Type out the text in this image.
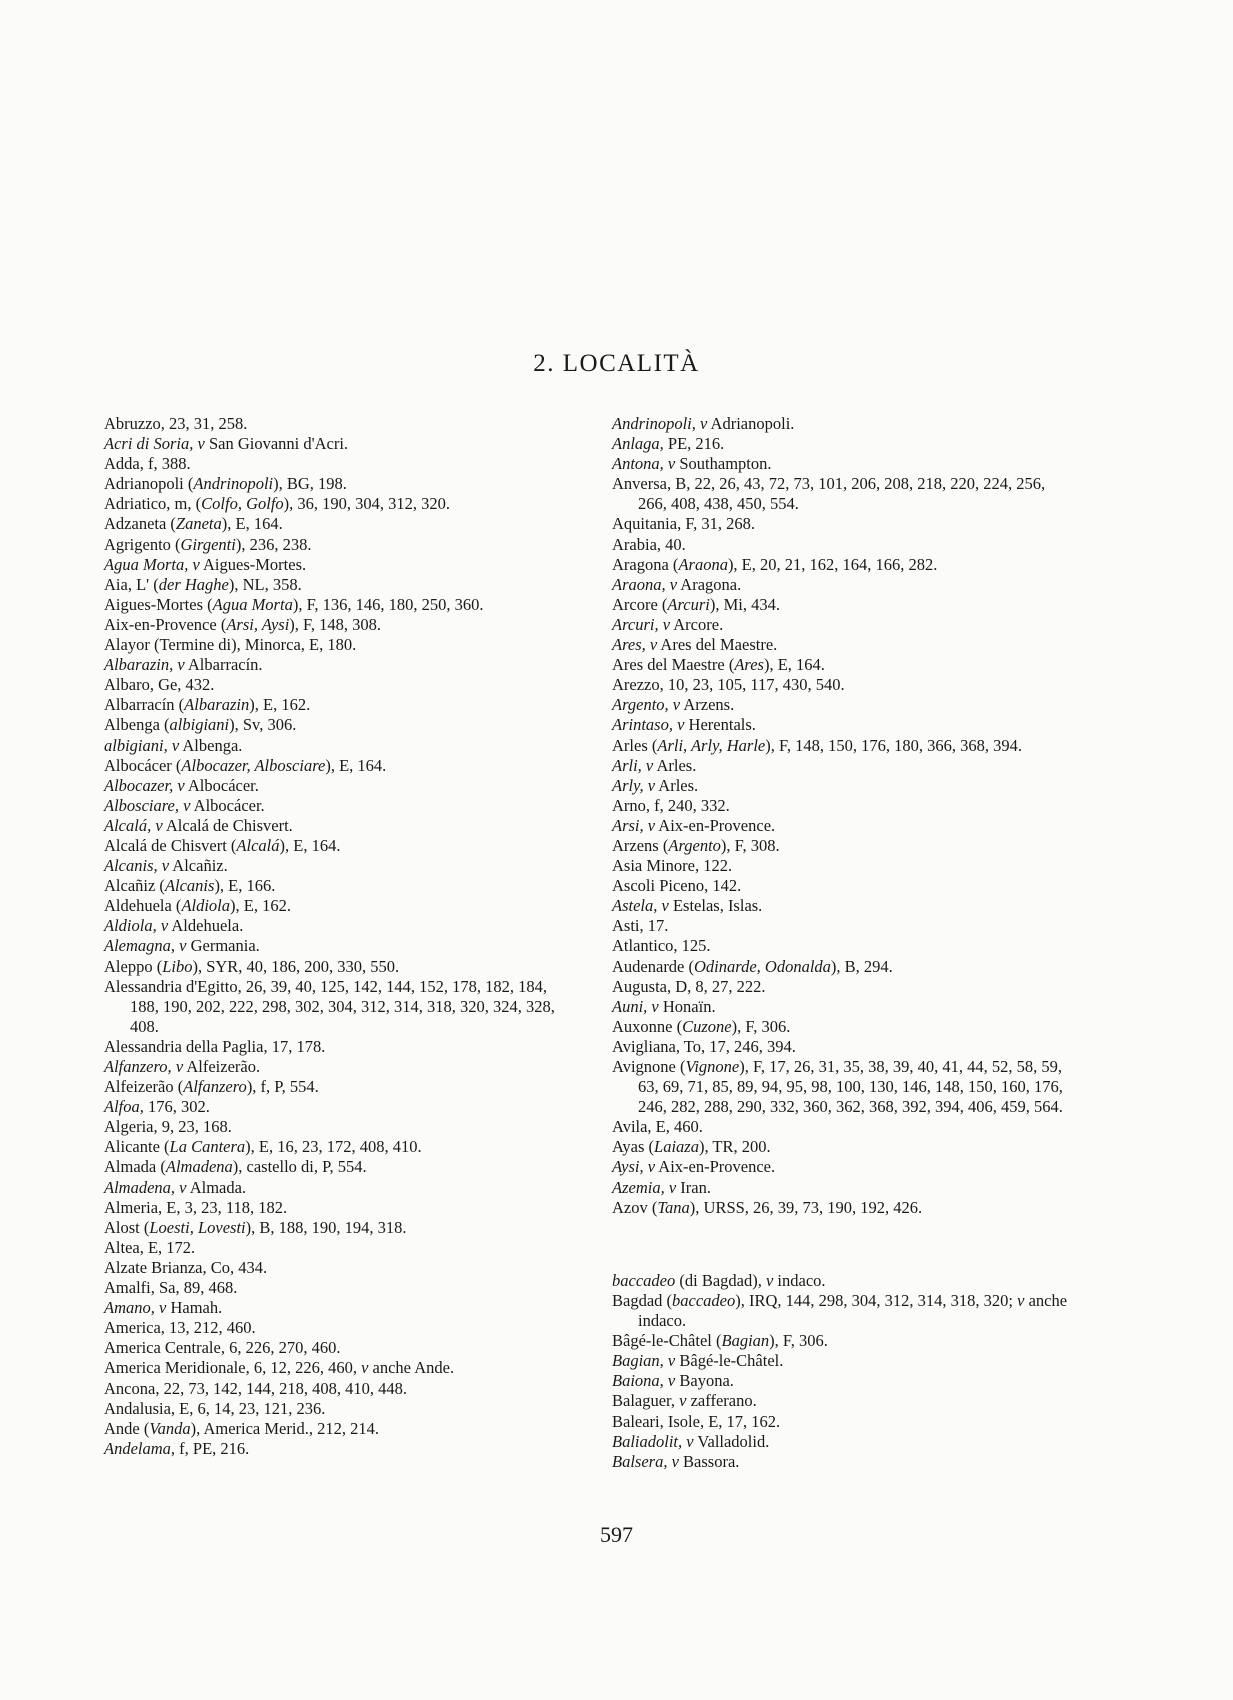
2. LOCALITÀ

Abruzzo, 23, 31, 258.

Acri di Soria, v San Giovanni d'Acri.

Adda, f, 388.

Adrianopoli (Andrinopoli), BG, 198.

Adriatico, m, (Colfo, Golfo), 36, 190, 304, 312, 320.

Adzaneta (Zaneta), E, 164.

Agrigento (Girgenti), 236, 238.

Agua Morta, v Aigues-Mortes.

Aia, L' (der Haghe), NL, 358.

Aigues-Mortes (Agua Morta), F, 136, 146, 180, 250, 360.

Aix-en-Provence (Arsi, Aysi), F, 148, 308.

Alayor (Termine di), Minorca, E, 180.

Albarazin, v Albarracín.

Albaro, Ge, 432.

Albarracín (Albarazin), E, 162.

Albenga (albigiani), Sv, 306.

albigiani, v Albenga.

Albocácer (Albocazer, Albosciare), E, 164.

Albocazer, v Albocácer.

Albosciare, v Albocácer.

Alcalá, v Alcalá de Chisvert.

Alcalá de Chisvert (Alcalá), E, 164.

Alcanis, v Alcañiz.

Alcañiz (Alcanis), E, 166.

Aldehuela (Aldiola), E, 162.

Aldiola, v Aldehuela.

Alemagna, v Germania.

Aleppo (Libo), SYR, 40, 186, 200, 330, 550.

Alessandria d'Egitto, 26, 39, 40, 125, 142, 144, 152, 178, 182, 184, 188, 190, 202, 222, 298, 302, 304, 312, 314, 318, 320, 324, 328, 408.

Alessandria della Paglia, 17, 178.

Alfanzero, v Alfeizerão.

Alfeizerão (Alfanzero), f, P, 554.

Alfoa, 176, 302.

Algeria, 9, 23, 168.

Alicante (La Cantera), E, 16, 23, 172, 408, 410.

Almada (Almadena), castello di, P, 554.

Almadena, v Almada.

Almeria, E, 3, 23, 118, 182.

Alost (Loesti, Lovesti), B, 188, 190, 194, 318.

Altea, E, 172.

Alzate Brianza, Co, 434.

Amalfi, Sa, 89, 468.

Amano, v Hamah.

America, 13, 212, 460.

America Centrale, 6, 226, 270, 460.

America Meridionale, 6, 12, 226, 460, v anche Ande.

Ancona, 22, 73, 142, 144, 218, 408, 410, 448.

Andalusia, E, 6, 14, 23, 121, 236.

Ande (Vanda), America Merid., 212, 214.

Andelama, f, PE, 216.

Andrinopoli, v Adrianopoli.

Anlaga, PE, 216.

Antona, v Southampton.

Anversa, B, 22, 26, 43, 72, 73, 101, 206, 208, 218, 220, 224, 256, 266, 408, 438, 450, 554.

Aquitania, F, 31, 268.

Arabia, 40.

Aragona (Araona), E, 20, 21, 162, 164, 166, 282.

Araona, v Aragona.

Arcore (Arcuri), Mi, 434.

Arcuri, v Arcore.

Ares, v Ares del Maestre.

Ares del Maestre (Ares), E, 164.

Arezzo, 10, 23, 105, 117, 430, 540.

Argento, v Arzens.

Arintaso, v Herentals.

Arles (Arli, Arly, Harle), F, 148, 150, 176, 180, 366, 368, 394.

Arli, v Arles.

Arly, v Arles.

Arno, f, 240, 332.

Arsi, v Aix-en-Provence.

Arzens (Argento), F, 308.

Asia Minore, 122.

Ascoli Piceno, 142.

Astela, v Estelas, Islas.

Asti, 17.

Atlantico, 125.

Audenarde (Odinarde, Odonalda), B, 294.

Augusta, D, 8, 27, 222.

Auni, v Honaïn.

Auxonne (Cuzone), F, 306.

Avigliana, To, 17, 246, 394.

Avignone (Vignone), F, 17, 26, 31, 35, 38, 39, 40, 41, 44, 52, 58, 59, 63, 69, 71, 85, 89, 94, 95, 98, 100, 130, 146, 148, 150, 160, 176, 246, 282, 288, 290, 332, 360, 362, 368, 392, 394, 406, 459, 564.

Avila, E, 460.

Ayas (Laiaza), TR, 200.

Aysi, v Aix-en-Provence.

Azemia, v Iran.

Azov (Tana), URSS, 26, 39, 73, 190, 192, 426.

baccadeo (di Bagdad), v indaco.

Bagdad (baccadeo), IRQ, 144, 298, 304, 312, 314, 318, 320; v anche indaco.

Bâgé-le-Châtel (Bagian), F, 306.

Bagian, v Bâgé-le-Châtel.

Baiona, v Bayona.

Balaguer, v zafferano.

Baleari, Isole, E, 17, 162.

Baliadolit, v Valladolid.

Balsera, v Bassora.

597
